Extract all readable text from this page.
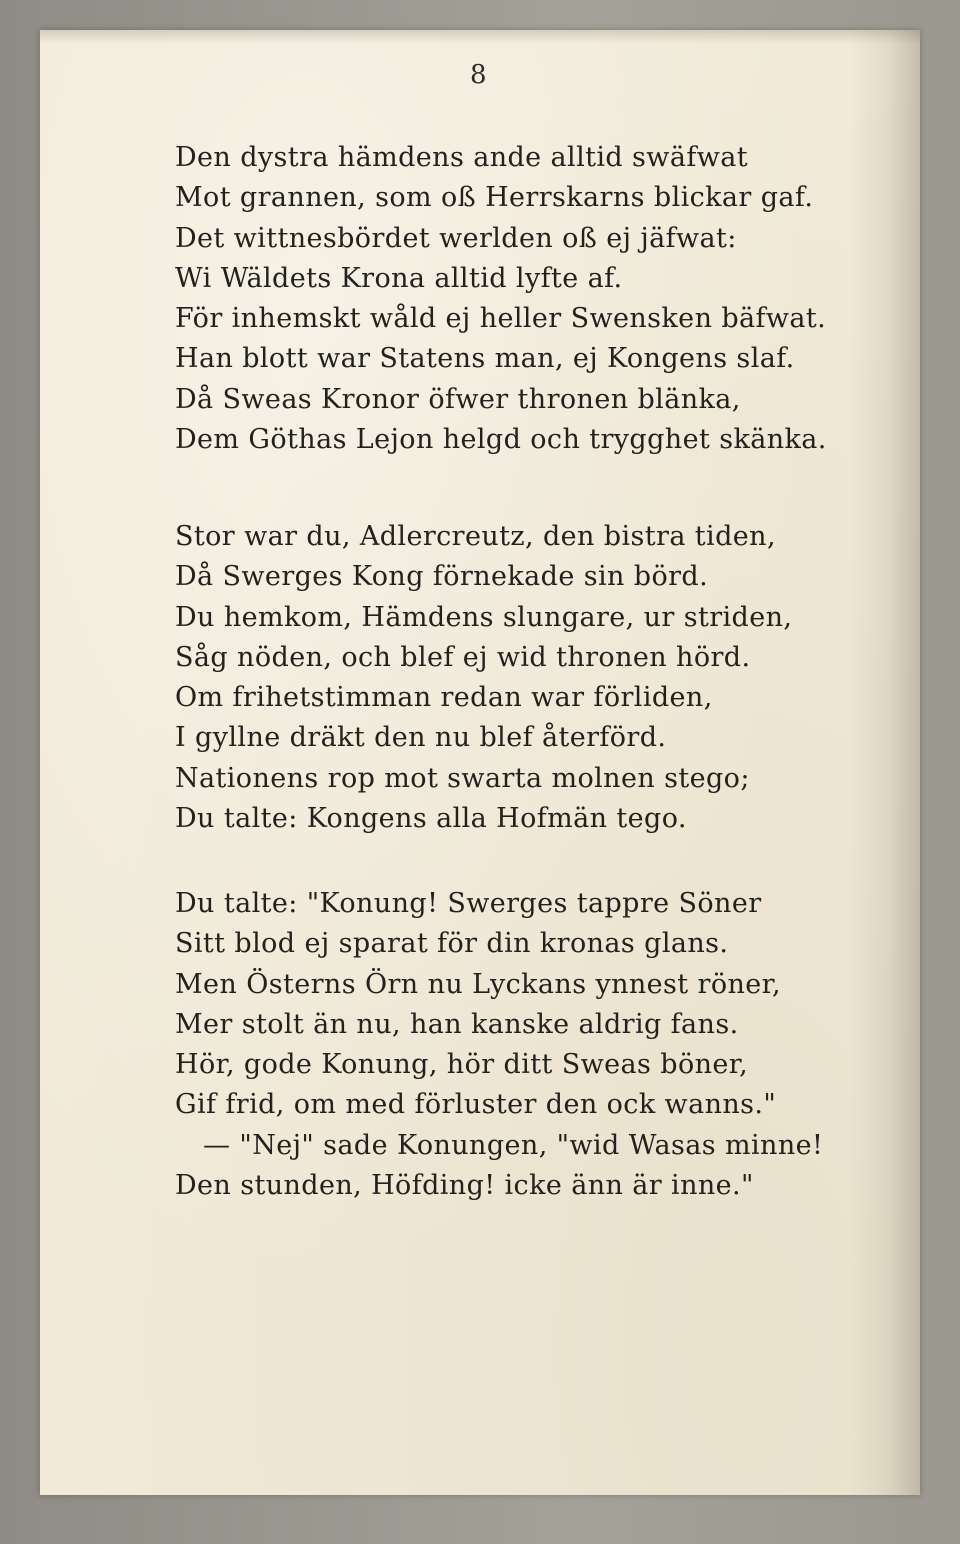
8
Den dystra hämdens ande alltid swäfwat
Mot grannen, som oß Herrskarns blickar gaf.
Det wittnesbördet werlden oß ej jäfwat:
Wi Wäldets Krona alltid lyfte af.
För inhemskt wåld ej heller Swensken bäfwat.
Han blott war Statens man, ej Kongens slaf.
Då Sweas Kronor öfwer thronen blänka,
Dem Göthas Lejon helgd och trygghet skänka.
Stor war du, Adlercreutz, den bistra tiden,
Då Swerges Kong förnekade sin börd.
Du hemkom, Hämdens slungare, ur striden,
Såg nöden, och blef ej wid thronen hörd.
Om frihetstimman redan war förliden,
I gyllne dräkt den nu blef återförd.
Nationens rop mot swarta molnen stego;
Du talte: Kongens alla Hofmän tego.
Du talte: "Konung! Swerges tappre Söner
Sitt blod ej sparat för din kronas glans.
Men Österns Örn nu Lyckans ynnest röner,
Mer stolt än nu, han kanske aldrig fans.
Hör, gode Konung, hör ditt Sweas böner,
Gif frid, om med förluster den ock wanns."
— "Nej" sade Konungen, "wid Wasas minne!
Den stunden, Höfding! icke änn är inne."
